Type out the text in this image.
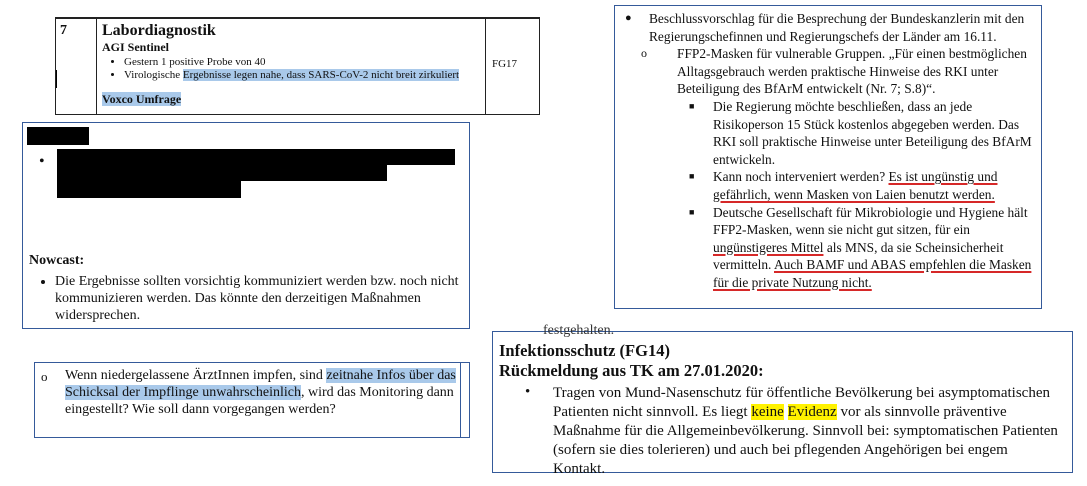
7 Labordiagnostik
AGI Sentinel
• Gestern 1 positive Probe von 40
• Virologische Ergebnisse legen nahe, dass SARS-CoV-2 nicht breit zirkuliert
Voxco Umfrage
FG17
•
Nowcast:
• Die Ergebnisse sollten vorsichtig kommuniziert werden bzw. noch nicht kommunizieren werden. Das könnte den derzeitigen Maßnahmen widersprechen.
o Wenn niedergelassene ÄrztInnen impfen, sind zeitnahe Infos über das Schicksal der Impflinge unwahrscheinlich, wird das Monitoring dann eingestellt? Wie soll dann vorgegangen werden?
● Beschlussvorschlag für die Besprechung der Bundeskanzlerin mit den Regierungschefinnen und Regierungschefs der Länder am 16.11.
o FFP2-Masken für vulnerable Gruppen. „Für einen bestmöglichen Alltagsgebrauch werden praktische Hinweise des RKI unter Beteiligung des BfArM entwickelt (Nr. 7; S.8)“.
■ Die Regierung möchte beschließen, dass an jede Risikoperson 15 Stück kostenlos abgegeben werden. Das RKI soll praktische Hinweise unter Beteiligung des BfArM entwickeln.
■ Kann noch interveniert werden? Es ist ungünstig und gefährlich, wenn Masken von Laien benutzt werden.
■ Deutsche Gesellschaft für Mikrobiologie und Hygiene hält FFP2-Masken, wenn sie nicht gut sitzen, für ein ungünstigeres Mittel als MNS, da sie Scheinsicherheit vermitteln. Auch BAMF und ABAS empfehlen die Masken für die private Nutzung nicht.
festgehalten.
Infektionsschutz (FG14)
Rückmeldung aus TK am 27.01.2020:
• Tragen von Mund-Nasenschutz für öffentliche Bevölkerung bei asymptomatischen Patienten nicht sinnvoll. Es liegt keine Evidenz vor als sinnvolle präventive Maßnahme für die Allgemeinbevölkerung. Sinnvoll bei: symptomatischen Patienten (sofern sie dies tolerieren) und auch bei pflegenden Angehörigen bei engem Kontakt.
